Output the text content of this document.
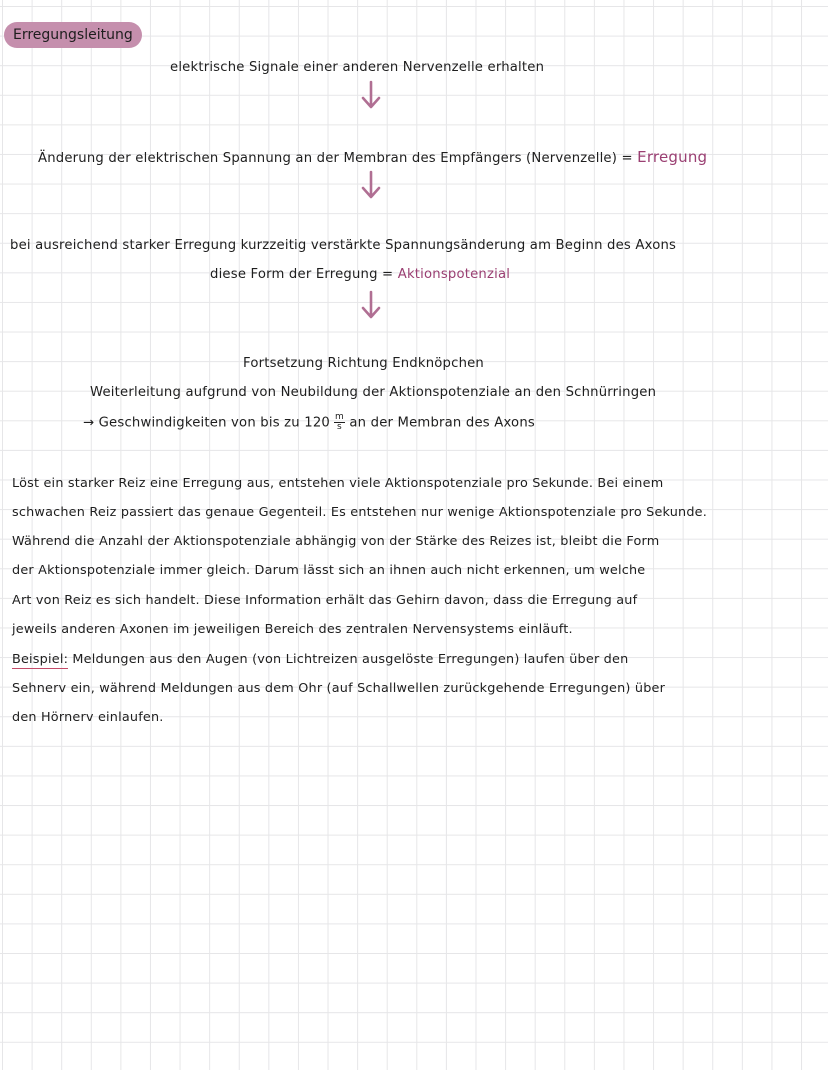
Erregungsleitung
elektrische Signale einer anderen Nervenzelle erhalten
Änderung der elektrischen Spannung an der Membran des Empfängers (Nervenzelle) = Erregung
bei ausreichend starker Erregung kurzzeitig verstärkte Spannungsänderung am Beginn des Axons
diese Form der Erregung = Aktionspotenzial
Fortsetzung Richtung Endknöpchen
Weiterleitung aufgrund von Neubildung der Aktionspotenziale an den Schnürringen
→ Geschwindigkeiten von bis zu $120 \frac{m}{s}$ an der Membran des Axons
Löst ein starker Reiz eine Erregung aus, entstehen viele Aktionspotenziale pro Sekunde. Bei einem
schwachen Reiz passiert das genaue Gegenteil. Es entstehen nur wenige Aktionspotenziale pro Sekunde.
Während die Anzahl der Aktionspotenziale abhängig von der Stärke des Reizes ist, bleibt die Form
der Aktionspotenziale immer gleich. Darum lässt sich an ihnen auch nicht erkennen, um welche
Art von Reiz es sich handelt. Diese Information erhält das Gehirn davon, dass die Erregung auf
jeweils anderen Axonen im jeweiligen Bereich des zentralen Nervensystems einläuft.
Beispiel: Meldungen aus den Augen (von Lichtreizen ausgelöste Erregungen) laufen über den
Sehnerv ein, während Meldungen aus dem Ohr (auf Schallwellen zurückgehende Erregungen) über
den Hörnerv einlaufen.
